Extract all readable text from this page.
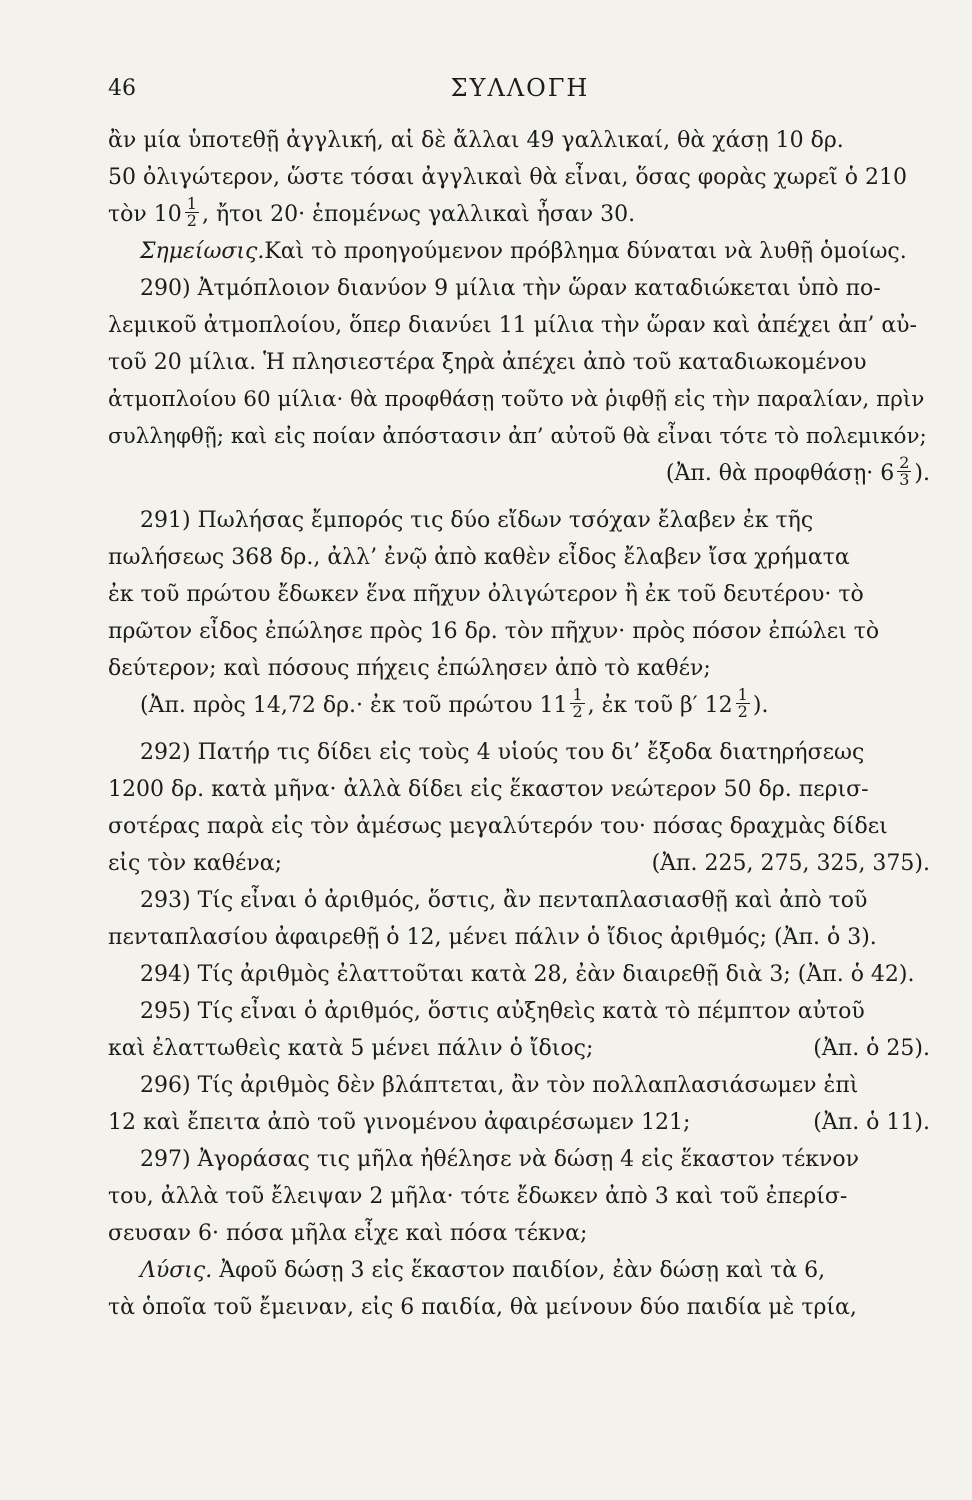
46	ΣΥΛΛΟΓΗ
ἂν μία ὑποτεθῇ ἀγγλική, αἱ δὲ ἄλλαι 49 γαλλικαί, θὰ χάσῃ 10 δρ.
50 ὀλιγώτερον, ὥστε τόσαι ἀγγλικαὶ θὰ εἶναι, ὅσας φορὰς χωρεῖ ὁ 210
τὸν $10 \frac{1}{2}$ , ἤτοι 20· ἑπομένως γαλλικαὶ ἦσαν 30.
Σημείωσις. Καὶ τὸ προηγούμενον πρόβλημα δύναται νὰ λυθῇ ὁμοίως.
290) Ἀτμόπλοιον διανύον 9 μίλια τὴν ὥραν καταδιώκεται ὑπὸ πο-
λεμικοῦ ἀτμοπλοίου, ὅπερ διανύει 11 μίλια τὴν ὥραν καὶ ἀπέχει ἀπ’ αὐ-
τοῦ 20 μίλια. Ἡ πλησιεστέρα ξηρὰ ἀπέχει ἀπὸ τοῦ καταδιωκομένου
ἀτμοπλοίου 60 μίλια· θὰ προφθάσῃ τοῦτο νὰ ῥιφθῇ εἰς τὴν παραλίαν, πρὶν
συλληφθῇ; καὶ εἰς ποίαν ἀπόστασιν ἀπ’ αὐτοῦ θὰ εἶναι τότε τὸ πολεμικόν;
(Ἀπ. θὰ προφθάσῃ· $6 \frac{2}{3}$ ).
291) Πωλήσας ἔμπορός τις δύο εἴδων τσόχαν ἔλαβεν ἐκ τῆς
πωλήσεως 368 δρ., ἀλλ’ ἐνῷ ἀπὸ καθὲν εἶδος ἔλαβεν ἴσα χρήματα
ἐκ τοῦ πρώτου ἔδωκεν ἕνα πῆχυν ὀλιγώτερον ἢ ἐκ τοῦ δευτέρου· τὸ
πρῶτον εἶδος ἐπώλησε πρὸς 16 δρ. τὸν πῆχυν· πρὸς πόσον ἐπώλει τὸ
δεύτερον; καὶ πόσους πήχεις ἐπώλησεν ἀπὸ τὸ καθέν;
(Ἀπ. πρὸς 14,72 δρ.· ἐκ τοῦ πρώτου $11 \frac{1}{2}$ , ἐκ τοῦ β′ $12 \frac{1}{2}$ ).
292) Πατήρ τις δίδει εἰς τοὺς 4 υἱούς του δι’ ἔξοδα διατηρήσεως
1200 δρ. κατὰ μῆνα· ἀλλὰ δίδει εἰς ἕκαστον νεώτερον 50 δρ. περισ-
σοτέρας παρὰ εἰς τὸν ἀμέσως μεγαλύτερόν του· πόσας δραχμὰς δίδει
εἰς τὸν καθένα;	(Ἀπ. 225, 275, 325, 375).
293) Τίς εἶναι ὁ ἀριθμός, ὅστις, ἂν πενταπλασιασθῇ καὶ ἀπὸ τοῦ
πενταπλασίου ἀφαιρεθῇ ὁ 12, μένει πάλιν ὁ ἴδιος ἀριθμός; (Ἀπ. ὁ 3).
294) Τίς ἀριθμὸς ἐλαττοῦται κατὰ 28, ἐὰν διαιρεθῇ διὰ 3; (Ἀπ. ὁ 42).
295) Τίς εἶναι ὁ ἀριθμός, ὅστις αὐξηθεὶς κατὰ τὸ πέμπτον αὐτοῦ
καὶ ἐλαττωθεὶς κατὰ 5 μένει πάλιν ὁ ἴδιος;	(Ἀπ. ὁ 25).
296) Τίς ἀριθμὸς δὲν βλάπτεται, ἂν τὸν πολλαπλασιάσωμεν ἐπὶ
12 καὶ ἔπειτα ἀπὸ τοῦ γινομένου ἀφαιρέσωμεν 121;	(Ἀπ. ὁ 11).
297) Ἀγοράσας τις μῆλα ἠθέλησε νὰ δώσῃ 4 εἰς ἕκαστον τέκνον
του, ἀλλὰ τοῦ ἔλειψαν 2 μῆλα· τότε ἔδωκεν ἀπὸ 3 καὶ τοῦ ἐπερίσ-
σευσαν 6· πόσα μῆλα εἶχε καὶ πόσα τέκνα;
Λύσις. Ἀφοῦ δώσῃ 3 εἰς ἕκαστον παιδίον, ἐὰν δώσῃ καὶ τὰ 6,
τὰ ὁποῖα τοῦ ἔμειναν, εἰς 6 παιδία, θὰ μείνουν δύο παιδία μὲ τρία,
